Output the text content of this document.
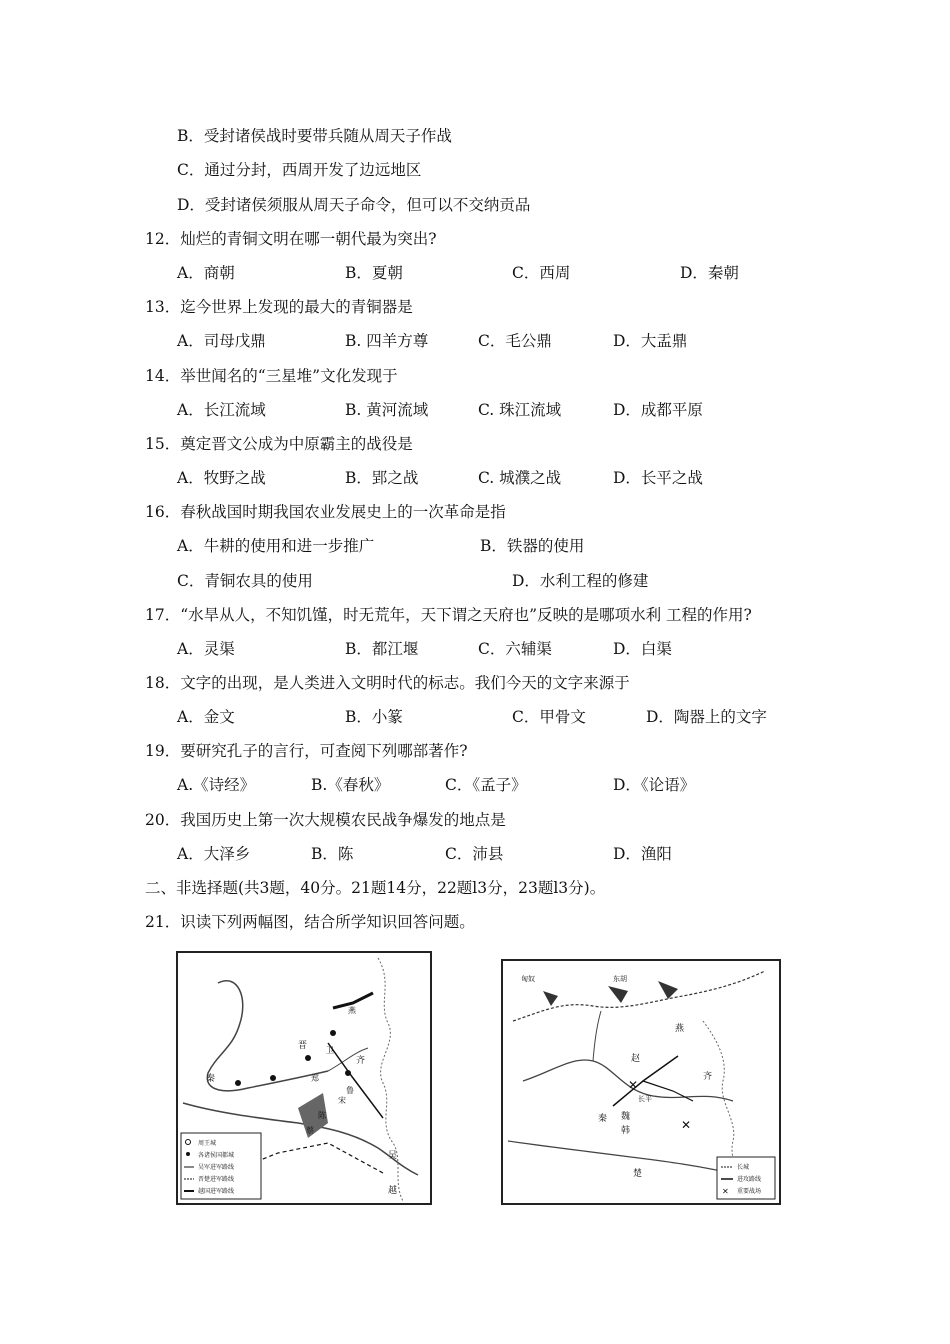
B．受封诸侯战时要带兵随从周天子作战
C．通过分封，西周开发了边远地区
D．受封诸侯须服从周天子命令，但可以不交纳贡品
12．灿烂的青铜文明在哪一朝代最为突出?
A．商朝	B．夏朝	C．西周	D．秦朝
13．迄今世界上发现的最大的青铜器是
A．司母戊鼎	B. 四羊方尊	C．毛公鼎	D．大盂鼎
14．举世闻名的“三星堆”文化发现于
A．长江流域	B. 黄河流域	C. 珠江流域	D．成都平原
15．奠定晋文公成为中原霸主的战役是
A．牧野之战	B．郢之战	C. 城濮之战	D．长平之战
16．春秋战国时期我国农业发展史上的一次革命是指
A．牛耕的使用和进一步推广	B．铁器的使用
C．青铜农具的使用	D．水利工程的修建
17．“水旱从人，不知饥馑，时无荒年，天下谓之天府也”反映的是哪项水利 工程的作用?
A．灵渠	B．都江堰	C．六辅渠	D．白渠
18．文字的出现，是人类进入文明时代的标志。我们今天的文字来源于
A．金文	B．小篆	C．甲骨文	D．陶器上的文字
19．要研究孔子的言行，可查阅下列哪部著作?
A.《诗经》	B.《春秋》	C．《孟子》	D．《论语》
20．我国历史上第一次大规模农民战争爆发的地点是
A．大泽乡	B．陈	C．沛县	D．渔阳
二、非选择题(共3题，40分。21题14分，22题l3分，23题l3分)。
21．识读下列两幅图，结合所学知识回答问题。
齐
秦
晋
吴
越
鲁
郑
卫
宋
陈
蔡
燕
周王城
各诸侯国都城
吴军进军路线
晋楚进军路线
越国进军路线
✕
✕
燕
赵
魏
韩
齐
秦
楚
长平
匈奴	东胡
长城
进攻路线
✕ 重要战场
